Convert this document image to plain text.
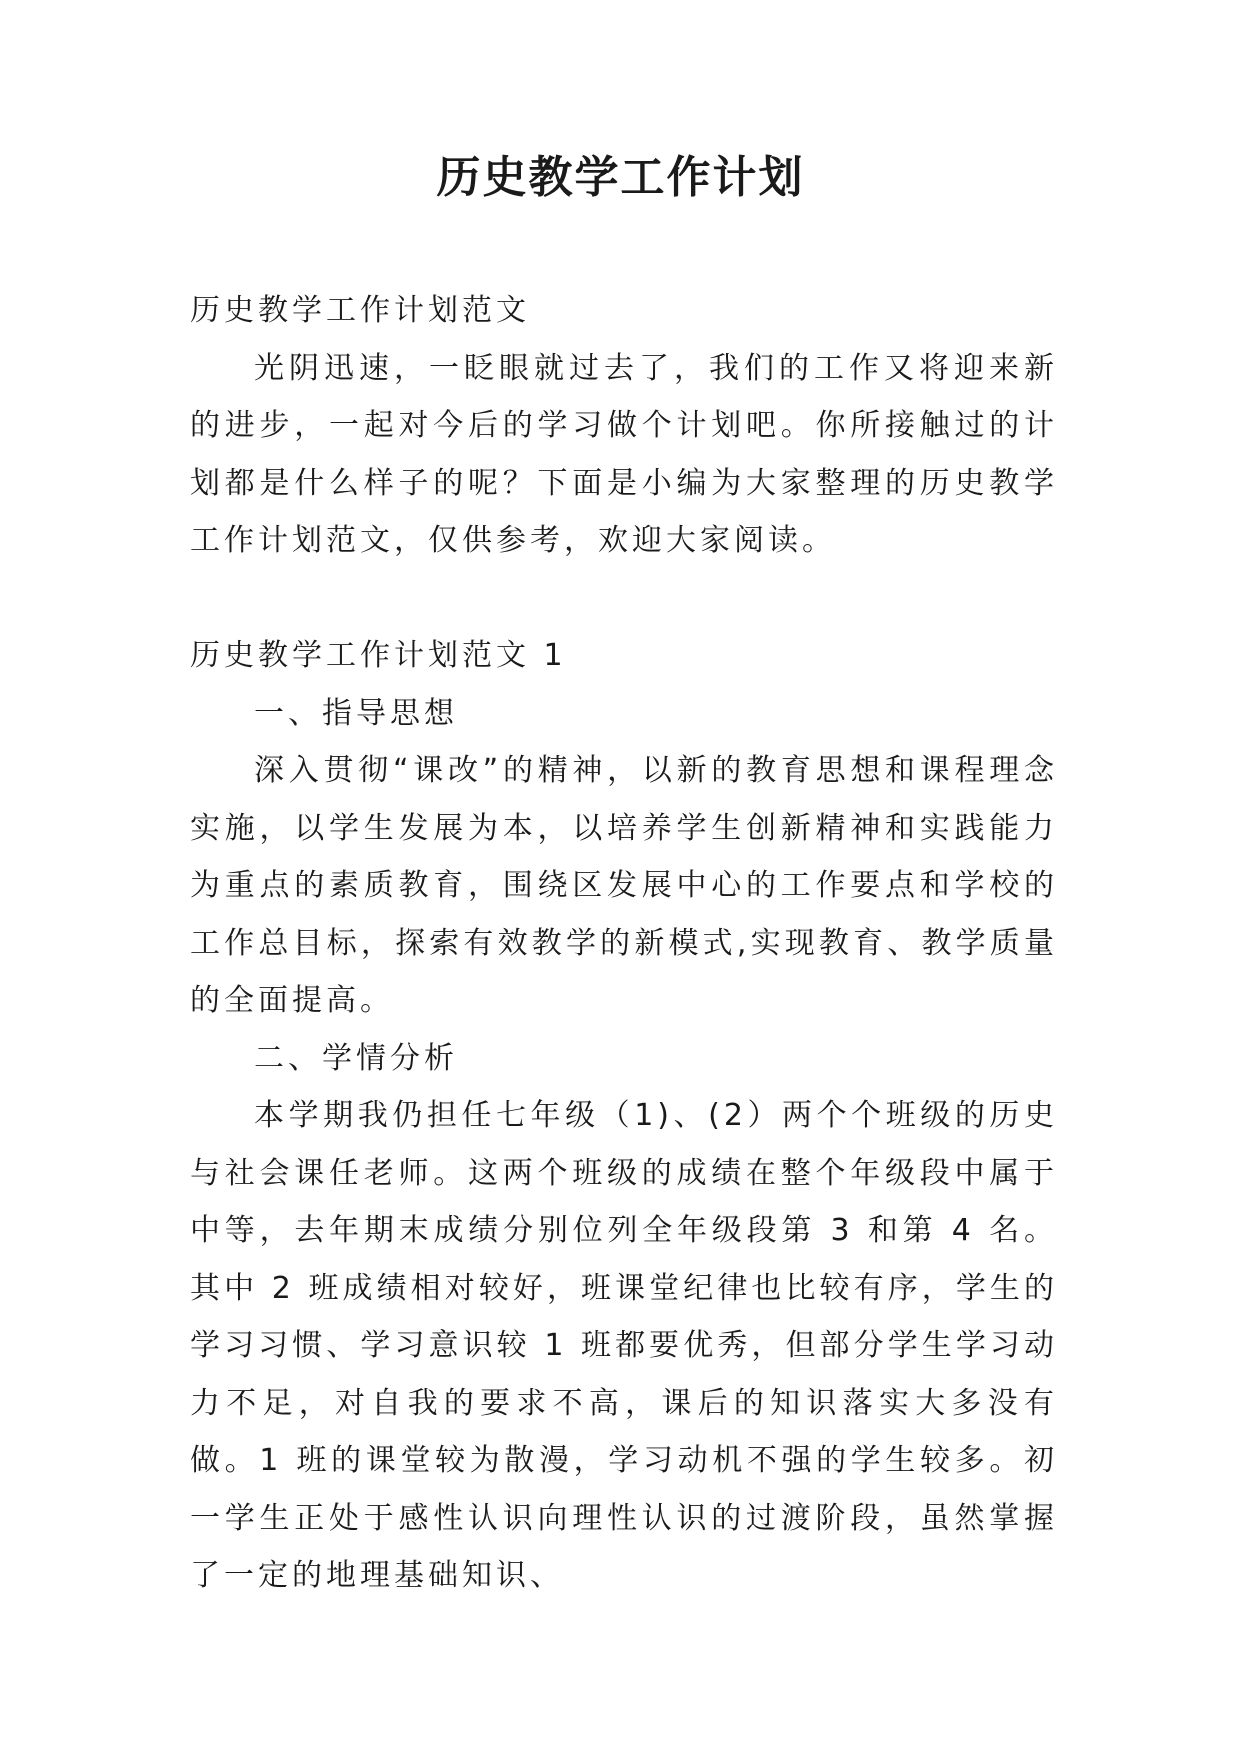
历史教学工作计划

历史教学工作计划范文

光阴迅速，一眨眼就过去了，我们的工作又将迎来新的进步，一起对今后的学习做个计划吧。你所接触过的计划都是什么样子的呢？下面是小编为大家整理的历史教学工作计划范文，仅供参考，欢迎大家阅读。

历史教学工作计划范文 1

一、指导思想

深入贯彻“课改”的精神，以新的教育思想和课程理念实施，以学生发展为本，以培养学生创新精神和实践能力为重点的素质教育，围绕区发展中心的工作要点和学校的工作总目标，探索有效教学的新模式,实现教育、教学质量的全面提高。

二、学情分析

本学期我仍担任七年级（1)、(2）两个个班级的历史与社会课任老师。这两个班级的成绩在整个年级段中属于中等，去年期末成绩分别位列全年级段第 3 和第 4 名。其中 2 班成绩相对较好，班课堂纪律也比较有序，学生的学习习惯、学习意识较 1 班都要优秀，但部分学生学习动力不足，对自我的要求不高，课后的知识落实大多没有做。1 班的课堂较为散漫，学习动机不强的学生较多。初一学生正处于感性认识向理性认识的过渡阶段，虽然掌握了一定的地理基础知识、
